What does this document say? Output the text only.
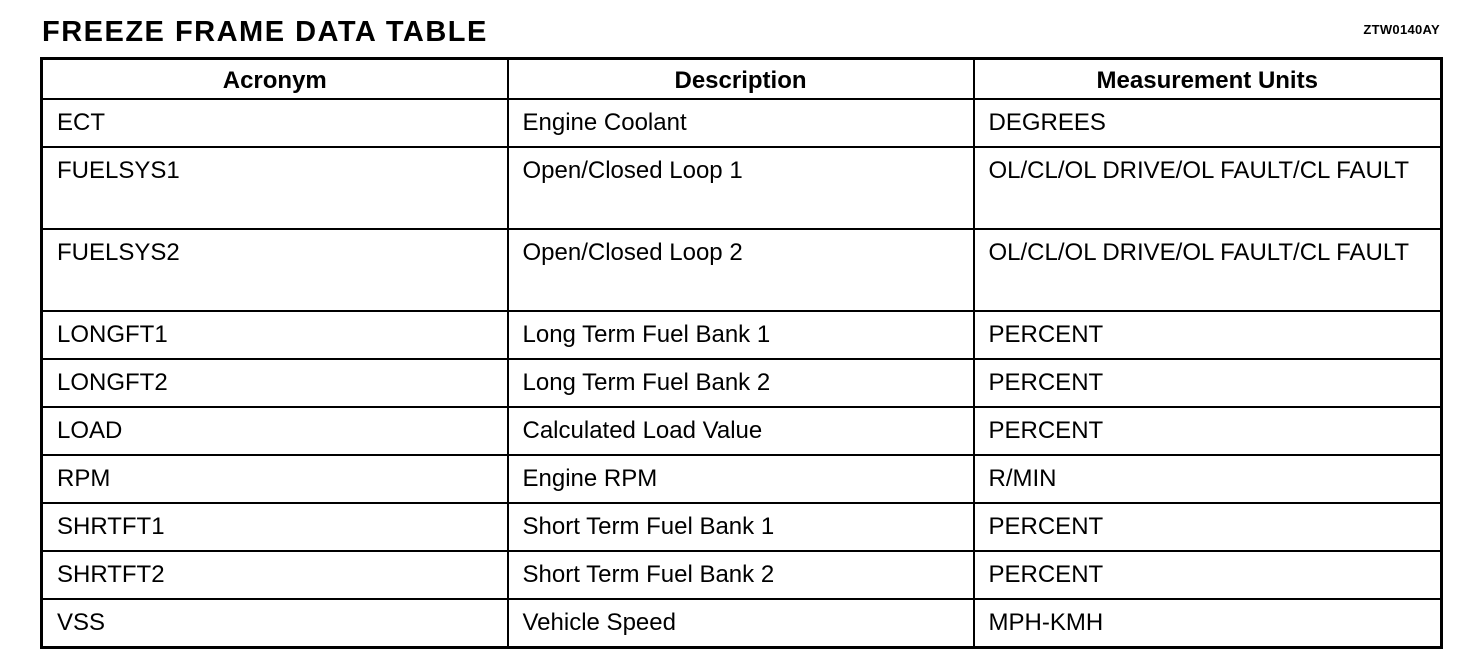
FREEZE FRAME DATA TABLE	ZTW0140AY
Acronym	Description	Measurement Units
ECT	Engine Coolant	DEGREES
FUELSYS1	Open/Closed Loop 1	OL/CL/OL DRIVE/OL FAULT/CL FAULT
FUELSYS2	Open/Closed Loop 2	OL/CL/OL DRIVE/OL FAULT/CL FAULT
LONGFT1	Long Term Fuel Bank 1	PERCENT
LONGFT2	Long Term Fuel Bank 2	PERCENT
LOAD	Calculated Load Value	PERCENT
RPM	Engine RPM	R/MIN
SHRTFT1	Short Term Fuel Bank 1	PERCENT
SHRTFT2	Short Term Fuel Bank 2	PERCENT
VSS	Vehicle Speed	MPH-KMH
